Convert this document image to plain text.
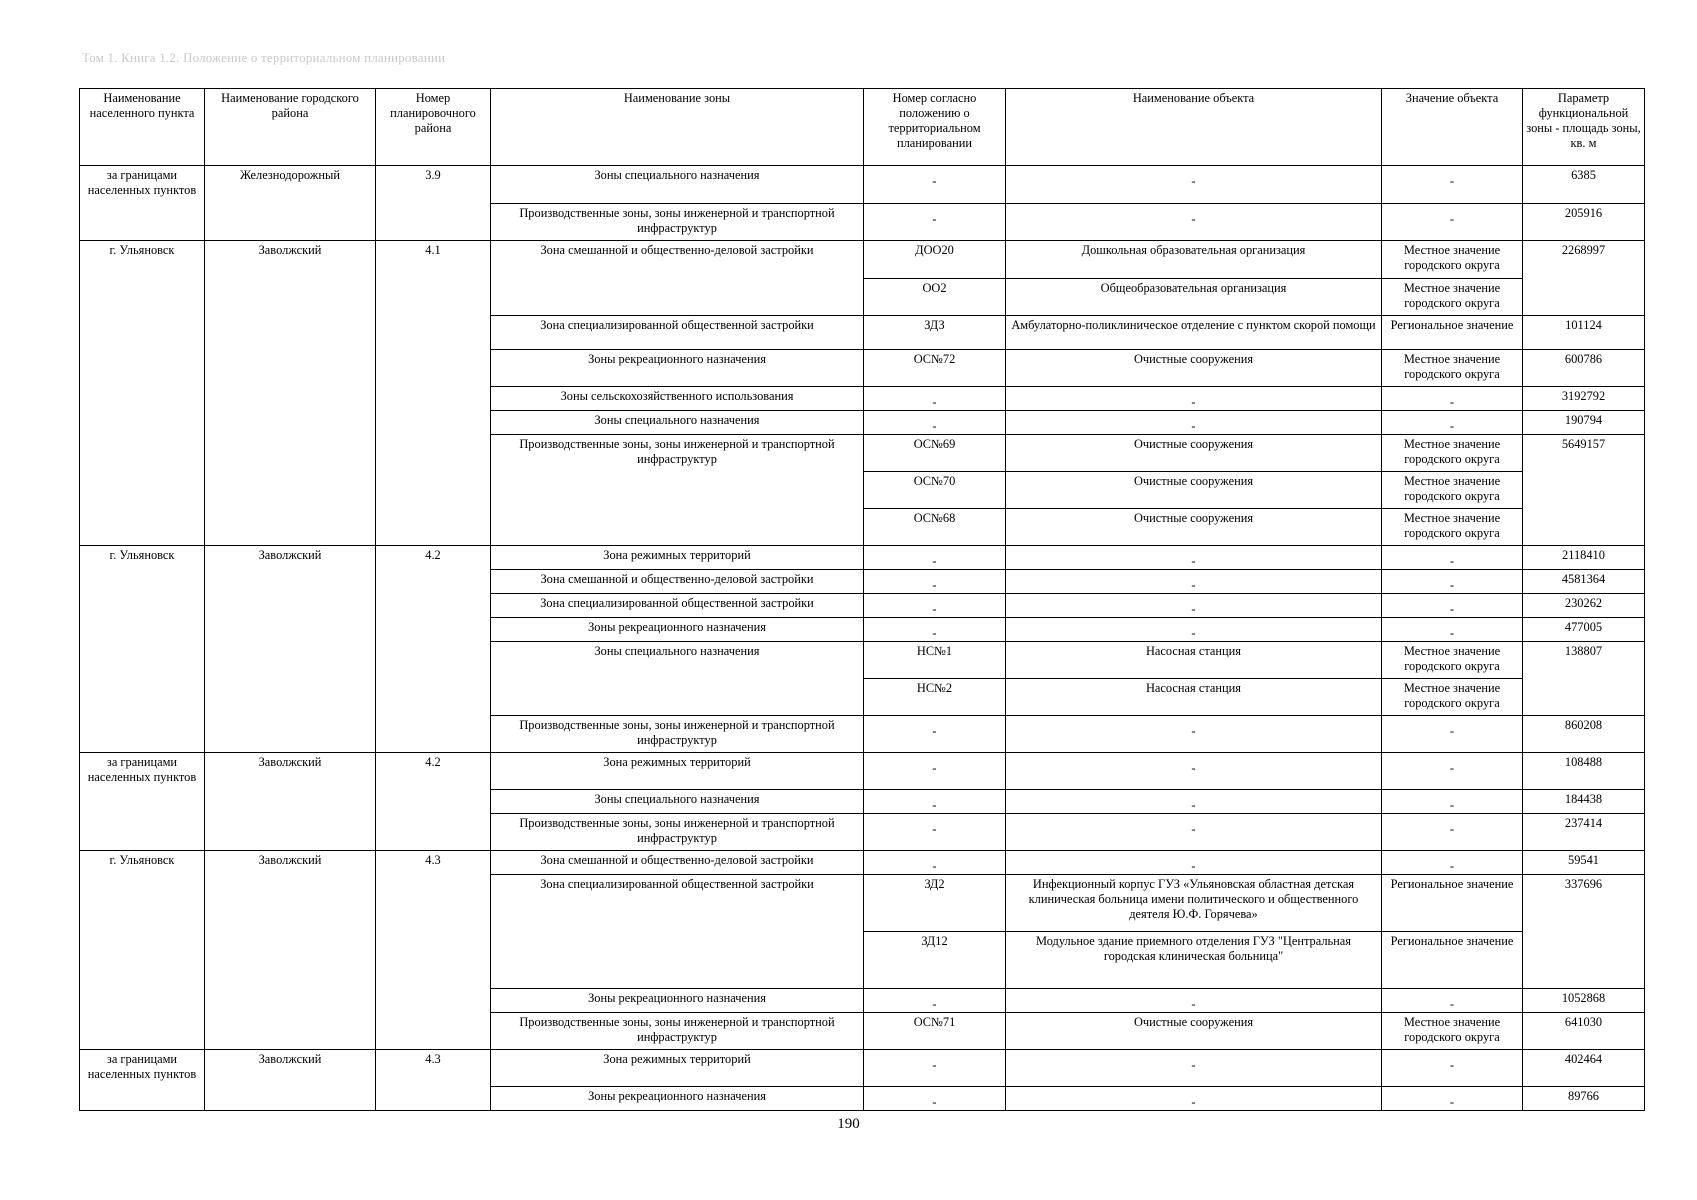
Том 1. Книга 1.2. Положение о территориальном планировании
Наименование населенного пункта	Наименование городского района	Номер планировочного района	Наименование зоны	Номер согласно положению о территориальном планировании	Наименование объекта	Значение объекта	Параметр функциональной зоны - площадь зоны, кв. м
за границами населенных пунктов	Железнодорожный	3.9	Зоны специального назначения	-	-	-	6385
			Производственные зоны, зоны инженерной и транспортной инфраструктур	-	-	-	205916
г. Ульяновск	Заволжский	4.1	Зона смешанной и общественно-деловой застройки	ДОО20	Дошкольная образовательная организация	Местное значение городского округа	2268997
				ОО2	Общеобразовательная организация	Местное значение городского округа	
			Зона специализированной общественной застройки	ЗДЗ	Амбулаторно-поликлиническое отделение с пунктом скорой помощи	Региональное значение	101124
			Зоны рекреационного назначения	ОС№72	Очистные сооружения	Местное значение городского округа	600786
			Зоны сельскохозяйственного использования	-	-	-	3192792
			Зоны специального назначения	-	-	-	190794
			Производственные зоны, зоны инженерной и транспортной инфраструктур	ОС№69	Очистные сооружения	Местное значение городского округа	5649157
				ОС№70	Очистные сооружения	Местное значение городского округа	
				ОС№68	Очистные сооружения	Местное значение городского округа	
г. Ульяновск	Заволжский	4.2	Зона режимных территорий	-	-	-	2118410
			Зона смешанной и общественно-деловой застройки	-	-	-	4581364
			Зона специализированной общественной застройки	-	-	-	230262
			Зоны рекреационного назначения	-	-	-	477005
			Зоны специального назначения	НС№1	Насосная станция	Местное значение городского округа	138807
				НС№2	Насосная станция	Местное значение городского округа	
			Производственные зоны, зоны инженерной и транспортной инфраструктур	-	-	-	860208
за границами населенных пунктов	Заволжский	4.2	Зона режимных территорий	-	-	-	108488
			Зоны специального назначения	-	-	-	184438
			Производственные зоны, зоны инженерной и транспортной инфраструктур	-	-	-	237414
г. Ульяновск	Заволжский	4.3	Зона смешанной и общественно-деловой застройки	-	-	-	59541
			Зона специализированной общественной застройки	ЗД2	Инфекционный корпус ГУЗ «Ульяновская областная детская клиническая больница имени политического и общественного деятеля Ю.Ф. Горячева»	Региональное значение	337696
				ЗД12	Модульное здание приемного отделения ГУЗ "Центральная городская клиническая больница"	Региональное значение	
			Зоны рекреационного назначения	-	-	-	1052868
			Производственные зоны, зоны инженерной и транспортной инфраструктур	ОС№71	Очистные сооружения	Местное значение городского округа	641030
за границами населенных пунктов	Заволжский	4.3	Зона режимных территорий	-	-	-	402464
			Зоны рекреационного назначения	-	-	-	89766
190
